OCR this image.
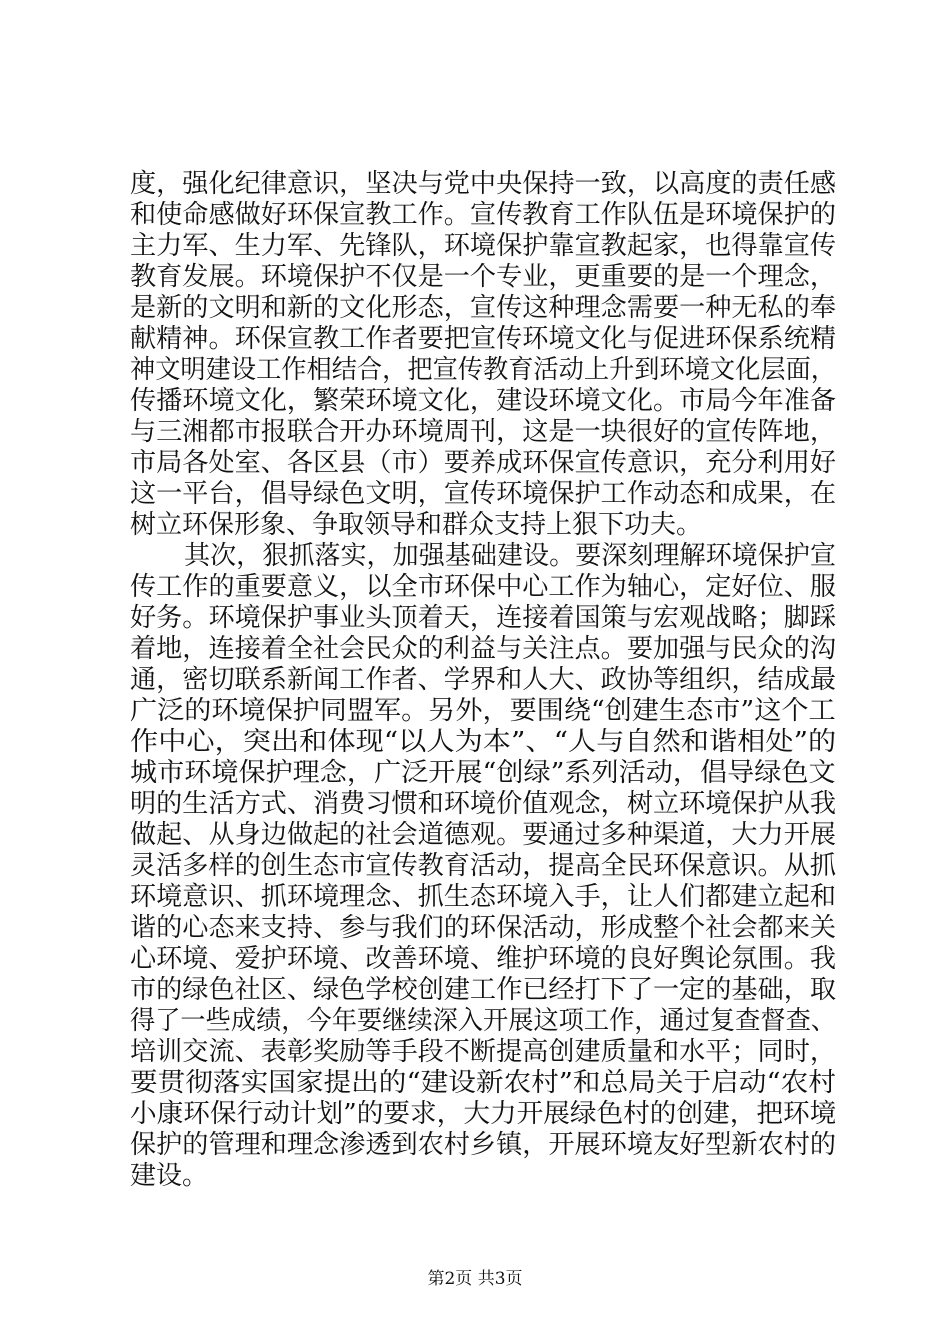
度，强化纪律意识，坚决与党中央保持一致，以高度的责任感
和使命感做好环保宣教工作。宣传教育工作队伍是环境保护的
主力军、生力军、先锋队，环境保护靠宣教起家，也得靠宣传
教育发展。环境保护不仅是一个专业，更重要的是一个理念，
是新的文明和新的文化形态，宣传这种理念需要一种无私的奉
献精神。环保宣教工作者要把宣传环境文化与促进环保系统精
神文明建设工作相结合，把宣传教育活动上升到环境文化层面，
传播环境文化，繁荣环境文化，建设环境文化。市局今年准备
与三湘都市报联合开办环境周刊，这是一块很好的宣传阵地，
市局各处室、各区县（市）要养成环保宣传意识，充分利用好
这一平台，倡导绿色文明，宣传环境保护工作动态和成果，在
树立环保形象、争取领导和群众支持上狠下功夫。
其次，狠抓落实，加强基础建设。要深刻理解环境保护宣
传工作的重要意义，以全市环保中心工作为轴心，定好位、服
好务。环境保护事业头顶着天，连接着国策与宏观战略；脚踩
着地，连接着全社会民众的利益与关注点。要加强与民众的沟
通，密切联系新闻工作者、学界和人大、政协等组织，结成最
广泛的环境保护同盟军。另外，要围绕“创建生态市”这个工
作中心，突出和体现“以人为本”、“人与自然和谐相处”的
城市环境保护理念，广泛开展“创绿”系列活动，倡导绿色文
明的生活方式、消费习惯和环境价值观念，树立环境保护从我
做起、从身边做起的社会道德观。要通过多种渠道，大力开展
灵活多样的创生态市宣传教育活动，提高全民环保意识。从抓
环境意识、抓环境理念、抓生态环境入手，让人们都建立起和
谐的心态来支持、参与我们的环保活动，形成整个社会都来关
心环境、爱护环境、改善环境、维护环境的良好舆论氛围。我
市的绿色社区、绿色学校创建工作已经打下了一定的基础，取
得了一些成绩，今年要继续深入开展这项工作，通过复查督查、
培训交流、表彰奖励等手段不断提高创建质量和水平；同时，
要贯彻落实国家提出的“建设新农村”和总局关于启动“农村
小康环保行动计划”的要求，大力开展绿色村的创建，把环境
保护的管理和理念渗透到农村乡镇，开展环境友好型新农村的
建设。
第2页 共3页
